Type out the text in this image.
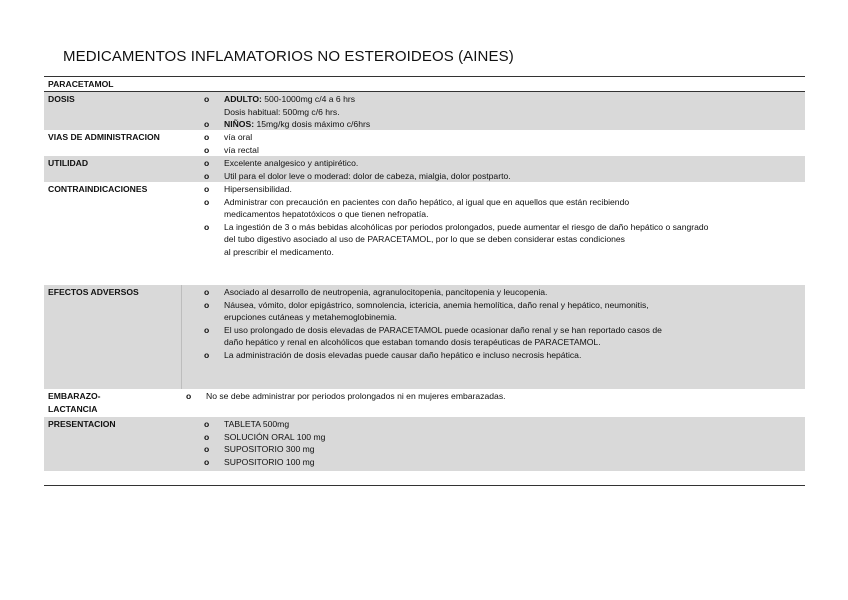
MEDICAMENTOS INFLAMATORIOS NO ESTEROIDEOS (AINES)
PARACETAMOL
DOSIS	o ADULTO: 500-1000mg c/4 a 6 hrs
Dosis habitual: 500mg c/6 hrs.
o NIÑOS: 15mg/kg dosis máximo c/6hrs
VIAS DE ADMINISTRACION	o vía oral
o vía rectal
UTILIDAD	o Excelente analgesico y antipirético.
o Util para el dolor leve o moderad: dolor de cabeza, mialgia, dolor postparto.
CONTRAINDICACIONES	o Hipersensibilidad.
o Administrar con precaución en pacientes con daño hepático, al igual que en aquellos que están recibiendo
medicamentos hepatotóxicos o que tienen nefropatía.
o La ingestión de 3 o más bebidas alcohólicas por periodos prolongados, puede aumentar el riesgo de daño hepático o sangrado
del tubo digestivo asociado al uso de PARACETAMOL, por lo que se deben considerar estas condiciones
al prescribir el medicamento.
EFECTOS ADVERSOS	o Asociado al desarrollo de neutropenia, agranulocitopenia, pancitopenia y leucopenia.
o Náusea, vómito, dolor epigástrico, somnolencia, ictericia, anemia hemolítica, daño renal y hepático, neumonitis,
erupciones cutáneas y metahemoglobinemia.
o El uso prolongado de dosis elevadas de PARACETAMOL puede ocasionar daño renal y se han reportado casos de
daño hepático y renal en alcohólicos que estaban tomando dosis terapéuticas de PARACETAMOL.
o La administración de dosis elevadas puede causar daño hepático e incluso necrosis hepática.
EMBARAZO-
LACTANCIA
o No se debe administrar por periodos prolongados ni en mujeres embarazadas.
PRESENTACION	o TABLETA 500mg
o SOLUCIÓN ORAL 100 mg
o SUPOSITORIO 300 mg
o SUPOSITORIO 100 mg
